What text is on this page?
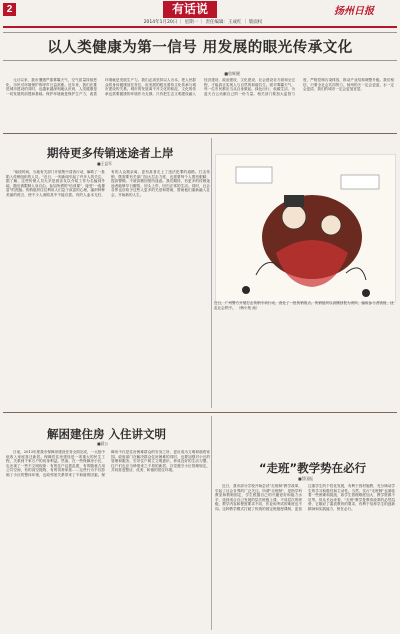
2	有话说	扬州日报
2014年1月20日 ｜ 星期一 ｜ 责任编辑：王成红 ｜ 版面权
以人类健康为第一信号 用发展的眼光传承文化
■詹辉健

元旦以来，我市遭遇严重雾霾天气，空气质量持续恶化，市民对环境保护的呼声日益高涨。近年来，我们在推进城市建设的同时，也越来越深刻地认识到，人类健康是一切发展的前提和基础。保护环境就是保护生产力，改善环境就是发展生产力。我们必须坚持以人为本，把人民群众的身体健康放在首位，用发展的眼光看待文化传承与城市建设的关系。城市的发展离不开文化的积淀，文化的传承也需要健康的环境作为支撑。只有把生态文明建设融入经济建设、政治建设、文化建设、社会建设各方面和全过程，才能真正实现人与自然的和谐共生。面对雾霾天气，每一位市民都应当从自身做起，绿色出行，低碳生活，为蓝天白云贡献自己的一份力量。相关部门要加大监管力度，严格控制污染排放，推动产业结构调整升级。我们相信，只要全社会共同努力，扬州的天一定会更蓝，水一定会更清，我们的城市一定会更加宜居。

期待更多传销迷途者上岸
■王益军

"前段时间，当地有关部门开展集中清查行动，解救了一批陷入传销组织的人员。"近日，一则新闻引起了许多人的关注。据了解，这些传销人员大多是被亲友以介绍工作为名骗到外地，随后被限制人身自由，参加所谓的"培训课"，接受"一夜暴富"的洗脑。传销组织往往利用人们急于致富的心理，编织种种美丽的谎言，使不少人深陷其中不能自拔。有的人血本无归，有的人众叛亲离，更有甚者走上了违法犯罪的道路。打击传销，既需要有关部门加大打击力度，也需要每个人擦亮眼睛，提高警惕，不被高额回报所迷惑。我们期待，有更多的传销迷途者能够早日醒悟，回头上岸，回归正常的生活。同时，社会各界也应给予这些人更多的关爱和帮助，帮助他们重新融入社会，开始新的人生。

近日，广州警方开展打击传销专项行动，查处了一批传销窝点。传销组织以高额回报为诱饵，骗取参与者钱财，扰乱社会秩序。 （梅小苑 画）
解困建住房 入住讲文明
■晨公

日前，2013年度我市保障房建设任务全面完成，一大批中低收入家庭喜迁新居。保障性住房建设是一项重大的民生工程，关系到千家万户的切身利益。然而，在一些保障房小区，也出现了一些不文明现象：有的住户乱搭乱建，有的随意占用公共空间，有的高空抛物，有的饲养家禽……这些行为不仅影响了小区的整体环境，也给邻里关系带来了不和谐的因素。保障房不仅是住房困难群众的安身之所，更应成为文明和谐的家园。政府部门在解决群众住房困难的同时，也要加强对小区的管理和服务，引导住户树立文明意识，养成良好的生活习惯。住户们也应当珍惜来之不易的新居，自觉遵守小区管理规定，共同营造整洁、优美、和谐的居住环境。	“走班”教学势在必行
■蔡国振

近日，我市部分学校开始尝试"走班制"教学改革，引起了社会各界的广泛关注。所谓"走班制"，是指学科教室和教师固定，学生根据自己的兴趣爱好和能力水平，选择适合自己发展的层次班级上课，不同层次的班级，教学内容和程度要求不同，作业和考试的难度也不同。这种教学模式打破了传统的固定班级授课制，更加注重学生的个性化发展，有利于因材施教，充分调动学生的学习积极性和主动性。当然，实行"走班制"也面临着一些困难和挑战，如学生管理难度加大、教学资源不足等。但从长远来看，"走班"教学是教育改革的必然趋势，它顺应了素质教育的要求，有利于培养学生的创新精神和实践能力，势在必行。
